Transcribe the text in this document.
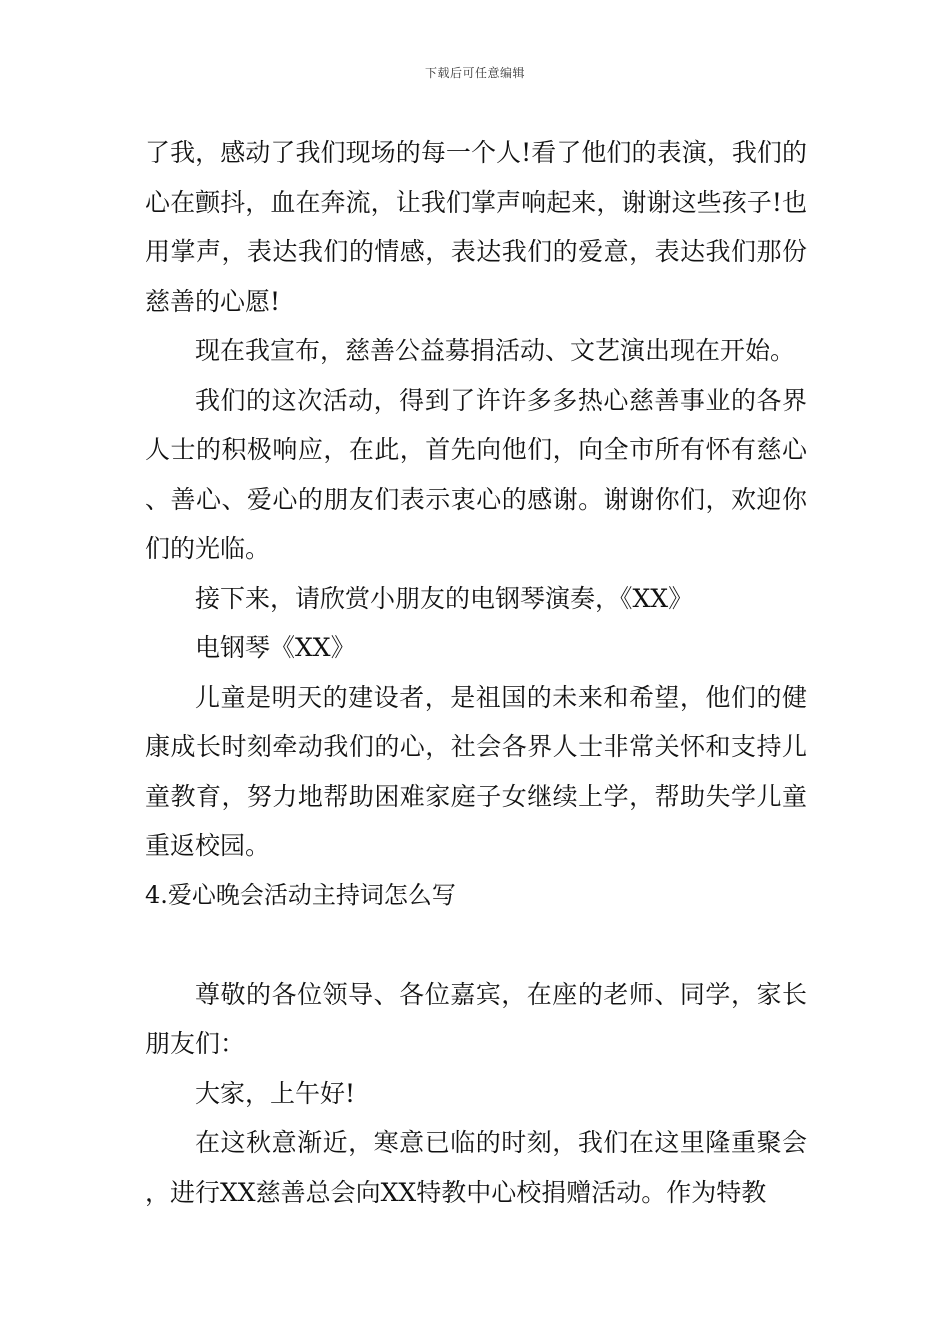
下载后可任意编辑

了我，感动了我们现场的每一个人!看了他们的表演，我们的心在颤抖，血在奔流，让我们掌声响起来，谢谢这些孩子!也用掌声，表达我们的情感，表达我们的爱意，表达我们那份慈善的心愿!

现在我宣布，慈善公益募捐活动、文艺演出现在开始。

我们的这次活动，得到了许许多多热心慈善事业的各界人士的积极响应，在此，首先向他们，向全市所有怀有慈心、善心、爱心的朋友们表示衷心的感谢。谢谢你们，欢迎你们的光临。

接下来，请欣赏小朋友的电钢琴演奏，《XX》

电钢琴《XX》

儿童是明天的建设者，是祖国的未来和希望，他们的健康成长时刻牵动我们的心，社会各界人士非常关怀和支持儿童教育，努力地帮助困难家庭子女继续上学，帮助失学儿童重返校园。

4.爱心晚会活动主持词怎么写

尊敬的各位领导、各位嘉宾，在座的老师、同学，家长朋友们：

大家，上午好!

在这秋意渐近，寒意已临的时刻，我们在这里隆重聚会，进行XX慈善总会向XX特教中心校捐赠活动。作为特教
